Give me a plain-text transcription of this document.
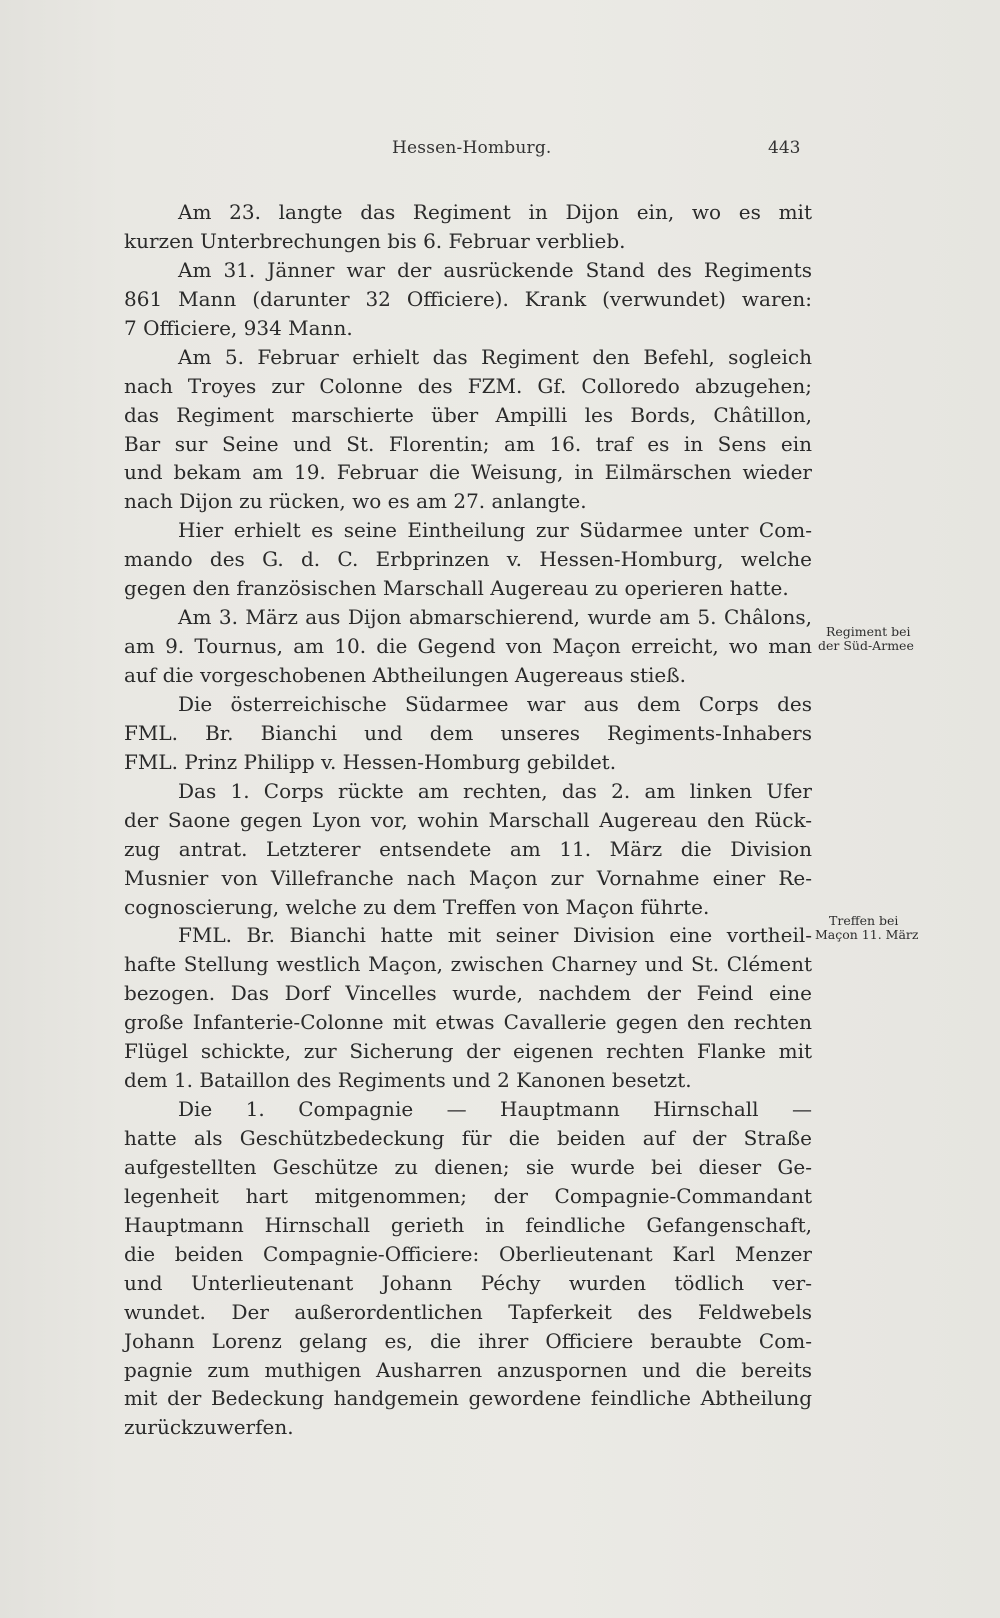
Hessen-Homburg.	443
Am 23. langte das Regiment in Dijon ein, wo es mit
kurzen Unterbrechungen bis 6. Februar verblieb.
Am 31. Jänner war der ausrückende Stand des Regiments
861 Mann (darunter 32 Officiere). Krank (verwundet) waren:
7 Officiere, 934 Mann.
Am 5. Februar erhielt das Regiment den Befehl, sogleich
nach Troyes zur Colonne des FZM. Gf. Colloredo abzugehen;
das Regiment marschierte über Ampilli les Bords, Châtillon,
Bar sur Seine und St. Florentin; am 16. traf es in Sens ein
und bekam am 19. Februar die Weisung, in Eilmärschen wieder
nach Dijon zu rücken, wo es am 27. anlangte.
Hier erhielt es seine Eintheilung zur Südarmee unter Com-
mando des G. d. C. Erbprinzen v. Hessen-Homburg, welche
gegen den französischen Marschall Augereau zu operieren hatte.
Am 3. März aus Dijon abmarschierend, wurde am 5. Châlons,
am 9. Tournus, am 10. die Gegend von Maçon erreicht, wo man
auf die vorgeschobenen Abtheilungen Augereaus stieß.
Die österreichische Südarmee war aus dem Corps des
FML. Br. Bianchi und dem unseres Regiments-Inhabers
FML. Prinz Philipp v. Hessen-Homburg gebildet.
Das 1. Corps rückte am rechten, das 2. am linken Ufer
der Saone gegen Lyon vor, wohin Marschall Augereau den Rück-
zug antrat. Letzterer entsendete am 11. März die Division
Musnier von Villefranche nach Maçon zur Vornahme einer Re-
cognoscierung, welche zu dem Treffen von Maçon führte.
FML. Br. Bianchi hatte mit seiner Division eine vortheil-
hafte Stellung westlich Maçon, zwischen Charney und St. Clément
bezogen. Das Dorf Vincelles wurde, nachdem der Feind eine
große Infanterie-Colonne mit etwas Cavallerie gegen den rechten
Flügel schickte, zur Sicherung der eigenen rechten Flanke mit
dem 1. Bataillon des Regiments und 2 Kanonen besetzt.
Die 1. Compagnie — Hauptmann Hirnschall —
hatte als Geschützbedeckung für die beiden auf der Straße
aufgestellten Geschütze zu dienen; sie wurde bei dieser Ge-
legenheit hart mitgenommen; der Compagnie-Commandant
Hauptmann Hirnschall gerieth in feindliche Gefangenschaft,
die beiden Compagnie-Officiere: Oberlieutenant Karl Menzer
und Unterlieutenant Johann Péchy wurden tödlich ver-
wundet. Der außerordentlichen Tapferkeit des Feldwebels
Johann Lorenz gelang es, die ihrer Officiere beraubte Com-
pagnie zum muthigen Ausharren anzuspornen und die bereits
mit der Bedeckung handgemein gewordene feindliche Abtheilung
zurückzuwerfen.
Regiment bei
der Süd-Armee
Treffen bei
Maçon 11. März
